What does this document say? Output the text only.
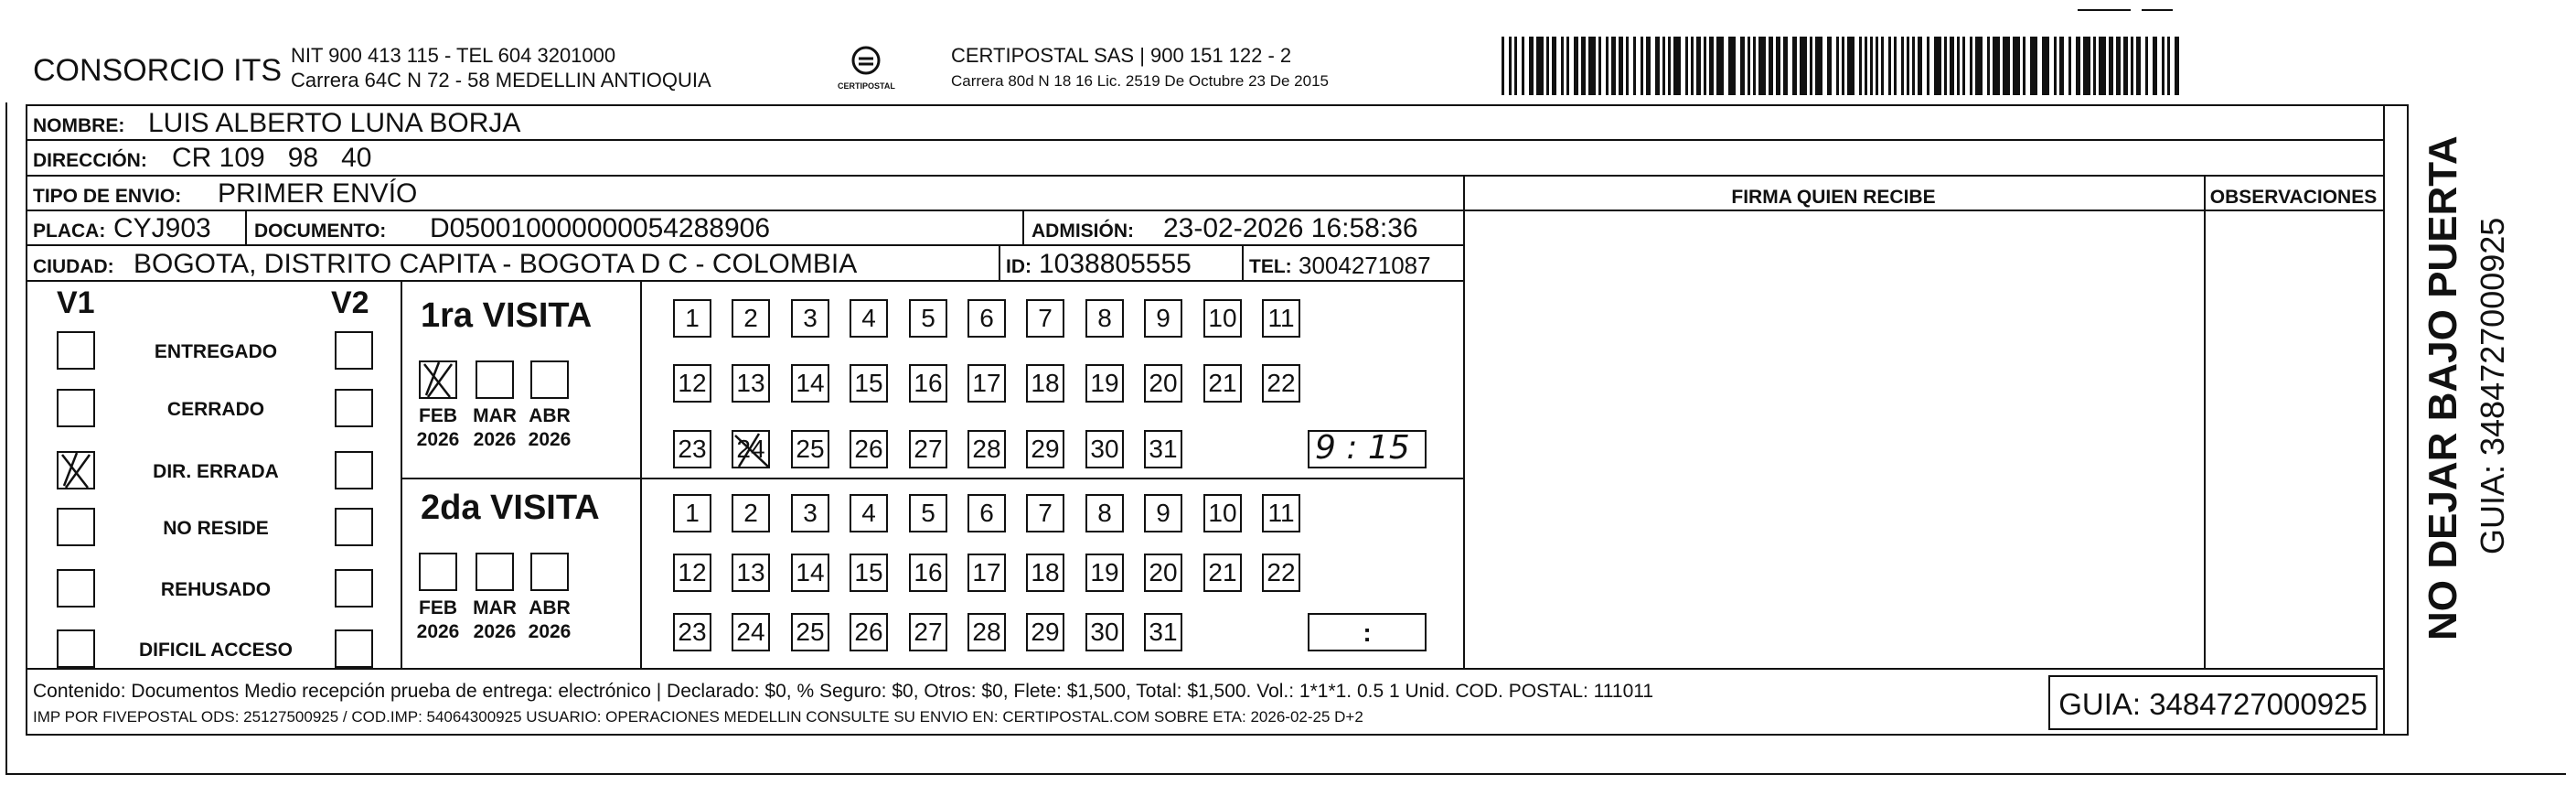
CONSORCIO ITS NIT 900 413 115 - TEL 604 3201000
Carrera 64C N 72 - 58 MEDELLIN ANTIOQUIA	CERTIPOSTAL
CERTIPOSTAL SAS | 900 151 122 - 2
Carrera 80d N 18 16 Lic. 2519 De Octubre 23 De 2015
NOMBRE: LUIS ALBERTO LUNA BORJA
DIRECCIÓN: CR 109   98   40
TIPO DE ENVIO: PRIMER ENVÍO	FIRMA QUIEN RECIBE	OBSERVACIONES
PLACA: CYJ903 DOCUMENTO: D050010000000054288906	ADMISIÓN: 23-02-2026 16:58:36
CIUDAD: BOGOTA, DISTRITO CAPITA - BOGOTA D C - COLOMBIA	ID: 1038805555	TEL: 3004271087
V1	V2
ENTREGADO
CERRADO
DIR. ERRADA
NO RESIDE
REHUSADO
DIFICIL ACCESO
1ra VISITA
2da VISITA
FEB
2026
MAR
2026
ABR
2026
FEB
2026
MAR
2026
ABR
2026
1	2	3	4	5	6	7	8	9	10 11
12 13 14 15 16 17 18 19 20 21 22
23 24 25 26 27 28 29 30 31
1	2	3	4	5	6	7	8	9	10 11
12 13 14 15 16 17 18 19 20 21 22
23 24 25 26 27 28 29 30 31
9 : 15
:
Contenido: Documentos Medio recepción prueba de entrega: electrónico | Declarado: $0, % Seguro: $0, Otros: $0, Flete: $1,500, Total: $1,500. Vol.: 1*1*1. 0.5 1 Unid. COD. POSTAL: 111011
IMP POR FIVEPOSTAL ODS: 25127500925 / COD.IMP: 54064300925 USUARIO: OPERACIONES MEDELLIN CONSULTE SU ENVIO EN: CERTIPOSTAL.COM SOBRE ETA: 2026-02-25 D+2	GUIA: 3484727000925
NO DEJAR BAJO PUERTA GUIA: 3484727000925
